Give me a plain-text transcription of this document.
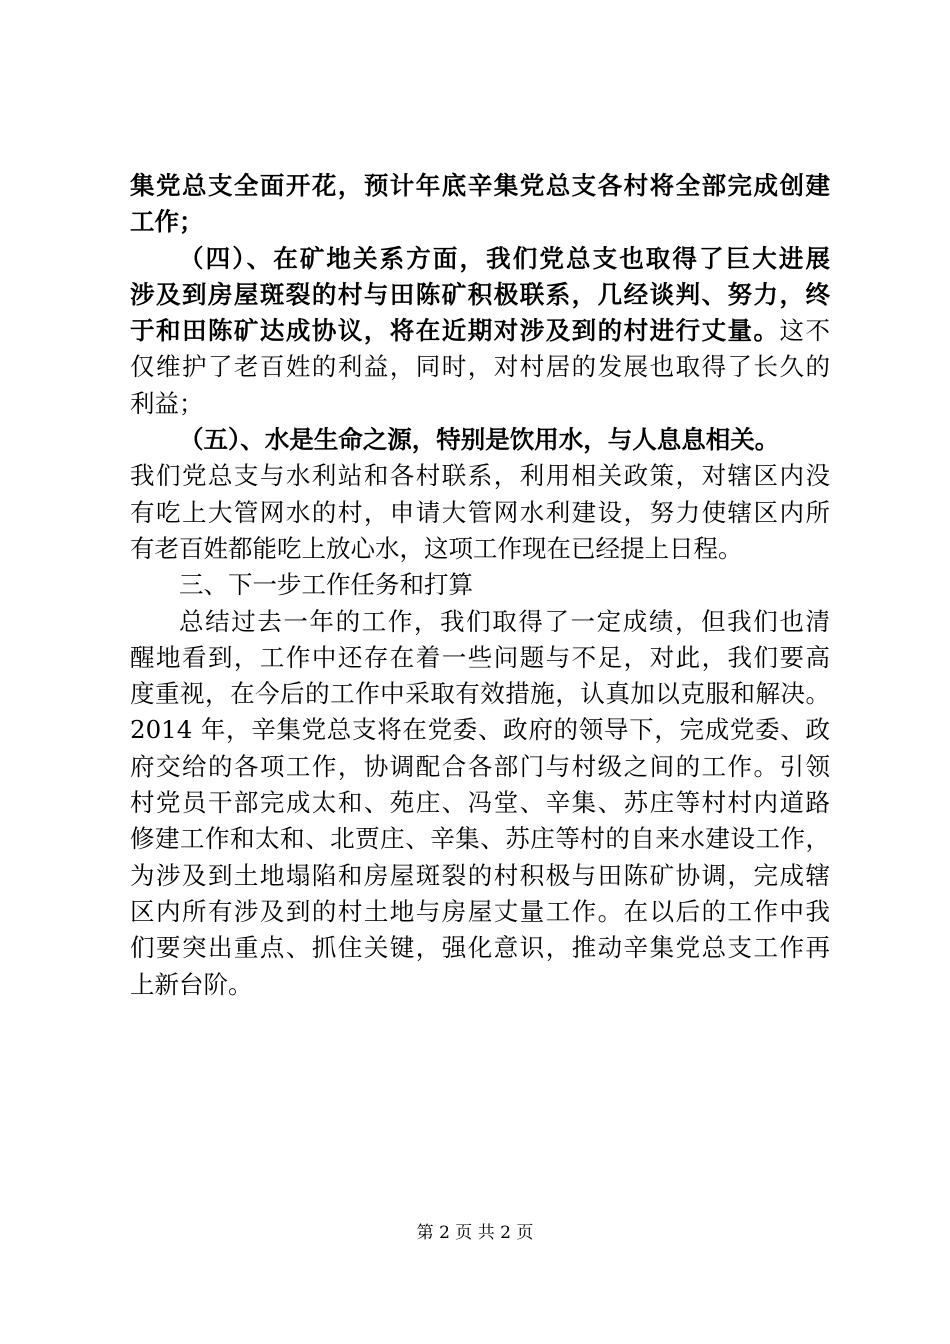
集党总支全面开花，预计年底辛集党总支各村将全部完成创建
工作；
（四）、在矿地关系方面，我们党总支也取得了巨大进展
涉及到房屋斑裂的村与田陈矿积极联系，几经谈判、努力，终
于和田陈矿达成协议，将在近期对涉及到的村进行丈量。这不
仅维护了老百姓的利益，同时，对村居的发展也取得了长久的
利益；
（五）、水是生命之源，特别是饮用水，与人息息相关。
我们党总支与水利站和各村联系，利用相关政策，对辖区内没
有吃上大管网水的村，申请大管网水利建设，努力使辖区内所
有老百姓都能吃上放心水，这项工作现在已经提上日程。
三、下一步工作任务和打算
总结过去一年的工作，我们取得了一定成绩，但我们也清
醒地看到，工作中还存在着一些问题与不足，对此，我们要高
度重视，在今后的工作中采取有效措施，认真加以克服和解决。
2014 年，辛集党总支将在党委、政府的领导下，完成党委、政
府交给的各项工作，协调配合各部门与村级之间的工作。引领
村党员干部完成太和、苑庄、冯堂、辛集、苏庄等村村内道路
修建工作和太和、北贾庄、辛集、苏庄等村的自来水建设工作，
为涉及到土地塌陷和房屋斑裂的村积极与田陈矿协调，完成辖
区内所有涉及到的村土地与房屋丈量工作。在以后的工作中我
们要突出重点、抓住关键，强化意识，推动辛集党总支工作再
上新台阶。
第 2 页 共 2 页
